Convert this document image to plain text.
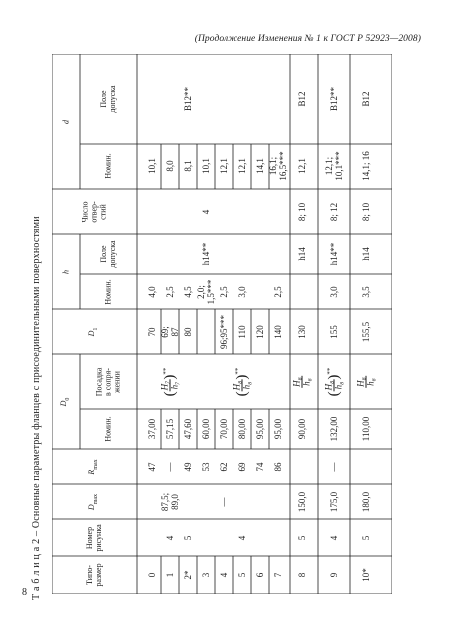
(Продолжение Изменения № 1 к ГОСТ Р 52923—2008)
8 Т а б л и ц а 2 – Основные параметры фланцев с присоединительными поверхностями	Типо-
размер
Номер
рисунка
$D_{max}$
$R_{max}$
$D_0$
Номин.
Посадка
в сопря-
жении
$D_1$
h
Номин.
Поле
допуска
Число
отвер-
стий
d
Номин.
Поле
допуска
0
47
37,00
70
4,0
10,1
1
4
87,5;
89,0
—
57,15
69;
87
2,5
8,0
2*
5
49
47,60
80
4,5
8,1
3
53
60,00
2,0;
1,5***
10,1
4
—
62
70,00
96;95***
2,5
12,1
5
4
69
80,00
110
3,0
12,1
6
74
95,00
120
14,1
7
86
95,00
140
2,5
16,1;
16,5***
8
5
150,0
90,00
130
12,1
9
4
175,0
—
132,00
155
3,0
12,1;
10,1***
10*
5
180,0
110,00
155,5
3,5
14,1; 16
(
H₇ h₇
)**
(
H₈ h₈
)**
H₈ h₈
(
H₈ h₈
)**
H₈ h₈
h14**
4
B12**
h14
8; 10
B12
h14**
8; 12
B12**
h14
8; 10
B12
